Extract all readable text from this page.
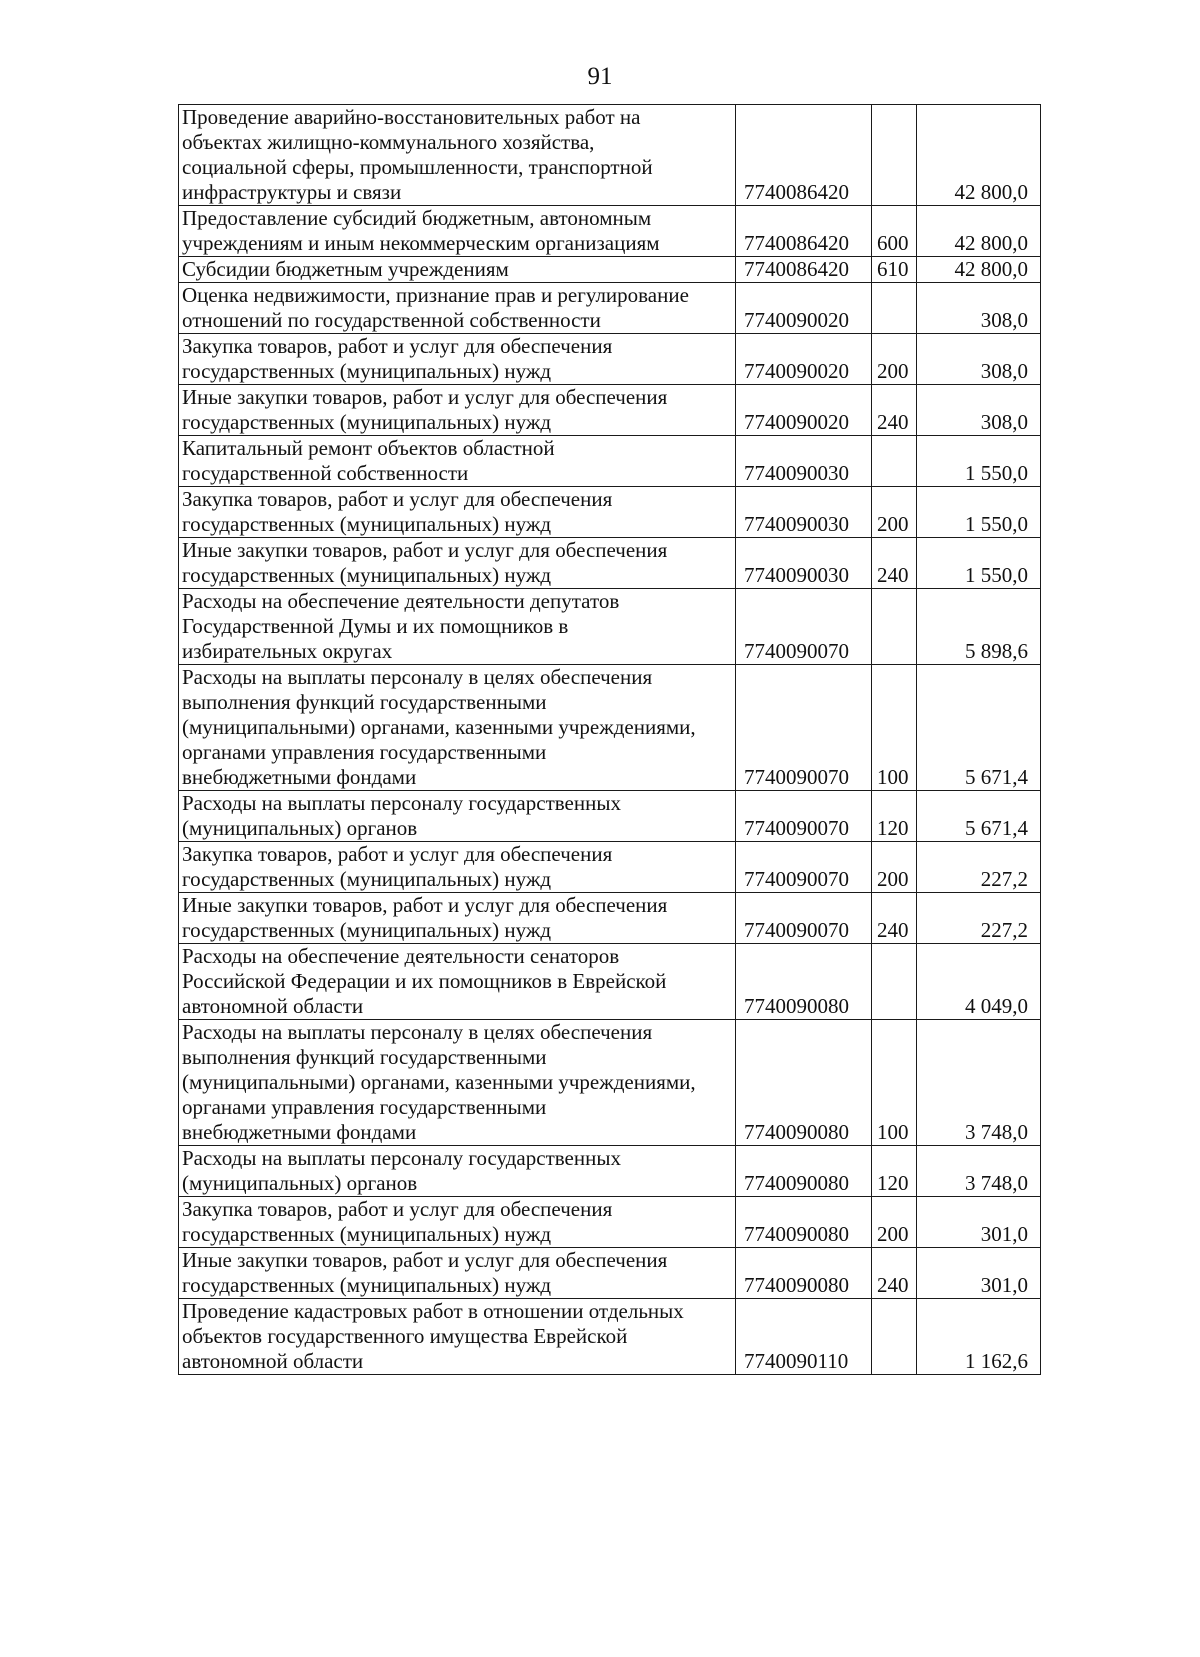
91
Проведение аварийно-восстановительных работ на
объектах жилищно-коммунального хозяйства,
социальной сферы, промышленности, транспортной
инфраструктуры и связи	7740086420		42 800,0

Предоставление субсидий бюджетным, автономным
учреждениям и иным некоммерческим организациям	7740086420	600	42 800,0

Субсидии бюджетным учреждениям	7740086420	610	42 800,0

Оценка недвижимости, признание прав и регулирование
отношений по государственной собственности	7740090020		308,0

Закупка товаров, работ и услуг для обеспечения
государственных (муниципальных) нужд	7740090020	200	308,0

Иные закупки товаров, работ и услуг для обеспечения
государственных (муниципальных) нужд	7740090020	240	308,0

Капитальный ремонт объектов областной
государственной собственности	7740090030		1 550,0

Закупка товаров, работ и услуг для обеспечения
государственных (муниципальных) нужд	7740090030	200	1 550,0

Иные закупки товаров, работ и услуг для обеспечения
государственных (муниципальных) нужд	7740090030	240	1 550,0

Расходы на обеспечение деятельности депутатов
Государственной Думы и их помощников в
избирательных округах	7740090070		5 898,6

Расходы на выплаты персоналу в целях обеспечения
выполнения функций государственными
(муниципальными) органами, казенными учреждениями,
органами управления государственными
внебюджетными фондами	7740090070	100	5 671,4

Расходы на выплаты персоналу государственных
(муниципальных) органов	7740090070	120	5 671,4

Закупка товаров, работ и услуг для обеспечения
государственных (муниципальных) нужд	7740090070	200	227,2

Иные закупки товаров, работ и услуг для обеспечения
государственных (муниципальных) нужд	7740090070	240	227,2

Расходы на обеспечение деятельности сенаторов
Российской Федерации и их помощников в Еврейской
автономной области	7740090080		4 049,0

Расходы на выплаты персоналу в целях обеспечения
выполнения функций государственными
(муниципальными) органами, казенными учреждениями,
органами управления государственными
внебюджетными фондами	7740090080	100	3 748,0

Расходы на выплаты персоналу государственных
(муниципальных) органов	7740090080	120	3 748,0

Закупка товаров, работ и услуг для обеспечения
государственных (муниципальных) нужд	7740090080	200	301,0

Иные закупки товаров, работ и услуг для обеспечения
государственных (муниципальных) нужд	7740090080	240	301,0

Проведение кадастровых работ в отношении отдельных
объектов государственного имущества Еврейской
автономной области	7740090110		1 162,6
